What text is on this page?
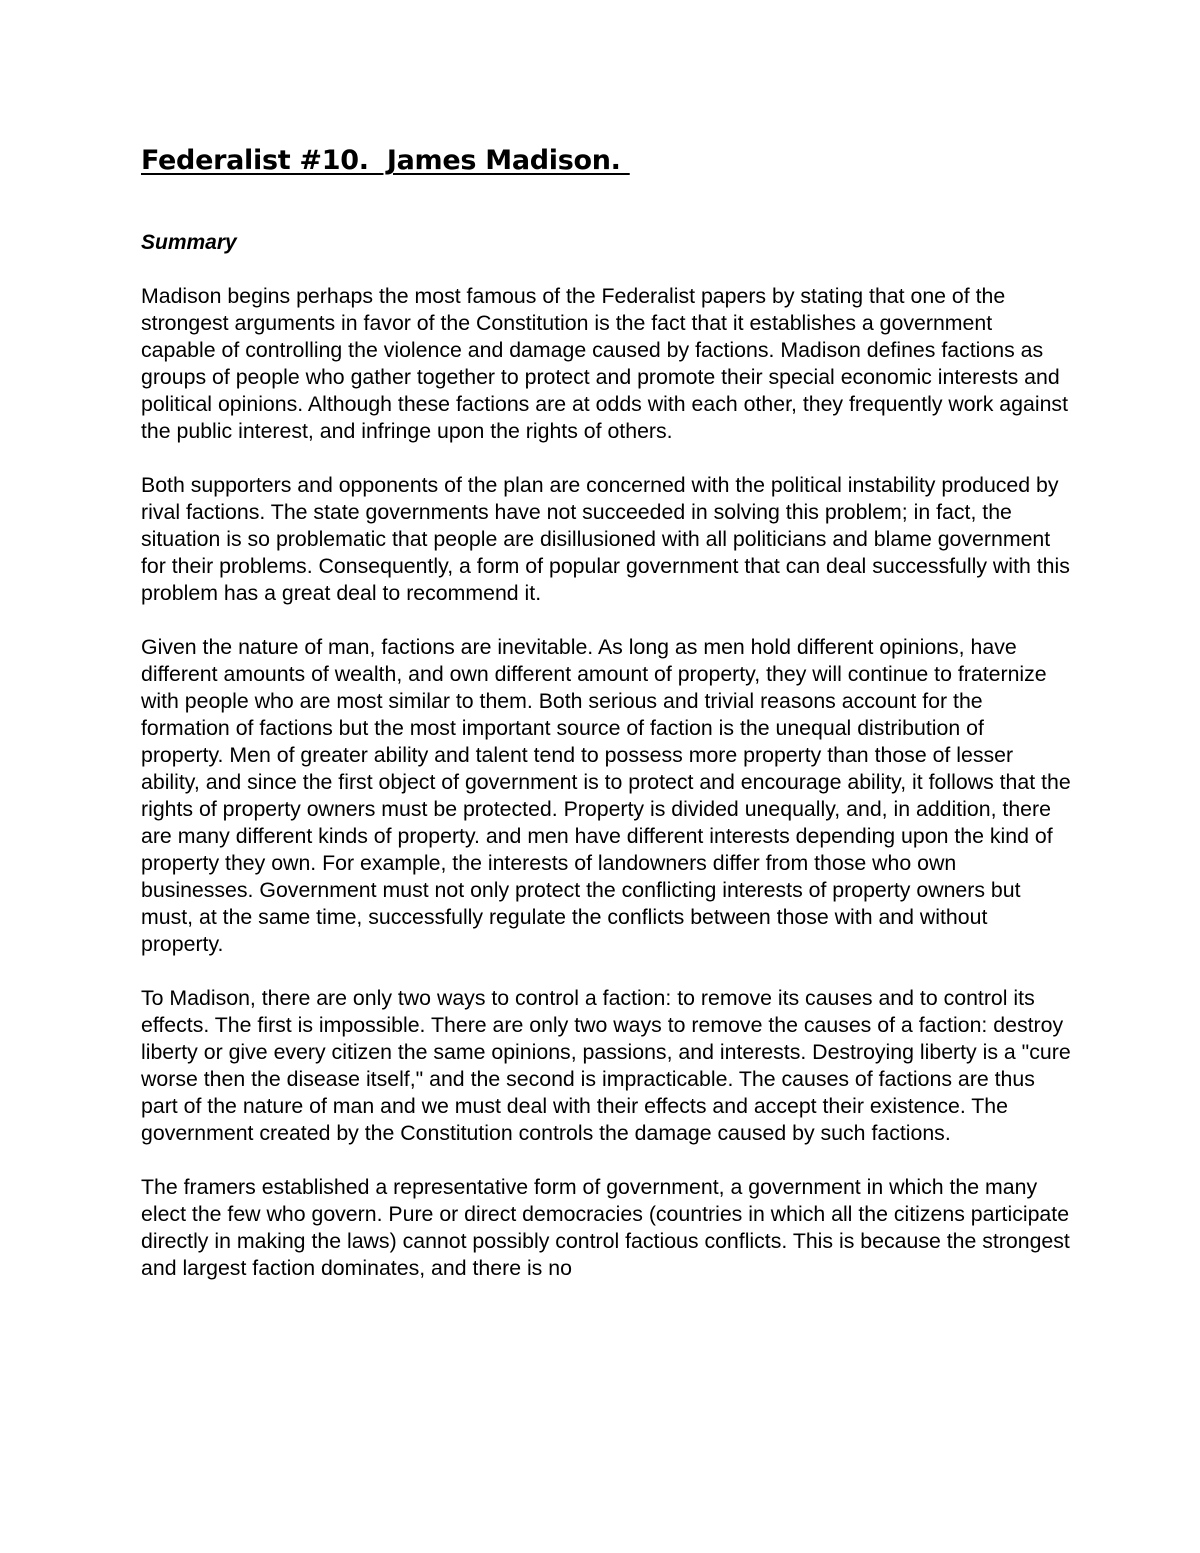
Federalist #10.  James Madison.
Summary

Madison begins perhaps the most famous of the Federalist papers by stating that one of the strongest arguments in favor of the Constitution is the fact that it establishes a government capable of controlling the violence and damage caused by factions. Madison defines factions as groups of people who gather together to protect and promote their special economic interests and political opinions. Although these factions are at odds with each other, they frequently work against the public interest, and infringe upon the rights of others.

Both supporters and opponents of the plan are concerned with the political instability produced by rival factions. The state governments have not succeeded in solving this problem; in fact, the situation is so problematic that people are disillusioned with all politicians and blame government for their problems. Consequently, a form of popular government that can deal successfully with this problem has a great deal to recommend it.

Given the nature of man, factions are inevitable. As long as men hold different opinions, have different amounts of wealth, and own different amount of property, they will continue to fraternize with people who are most similar to them. Both serious and trivial reasons account for the formation of factions but the most important source of faction is the unequal distribution of property. Men of greater ability and talent tend to possess more property than those of lesser ability, and since the first object of government is to protect and encourage ability, it follows that the rights of property owners must be protected. Property is divided unequally, and, in addition, there are many different kinds of property. and men have different interests depending upon the kind of property they own. For example, the interests of landowners differ from those who own businesses. Government must not only protect the conflicting interests of property owners but must, at the same time, successfully regulate the conflicts between those with and without property.

To Madison, there are only two ways to control a faction: to remove its causes and to control its effects. The first is impossible. There are only two ways to remove the causes of a faction: destroy liberty or give every citizen the same opinions, passions, and interests. Destroying liberty is a "cure worse then the disease itself," and the second is impracticable. The causes of factions are thus part of the nature of man and we must deal with their effects and accept their existence. The government created by the Constitution controls the damage caused by such factions.

The framers established a representative form of government, a government in which the many elect the few who govern. Pure or direct democracies (countries in which all the citizens participate directly in making the laws) cannot possibly control factious conflicts. This is because the strongest and largest faction dominates, and there is no
